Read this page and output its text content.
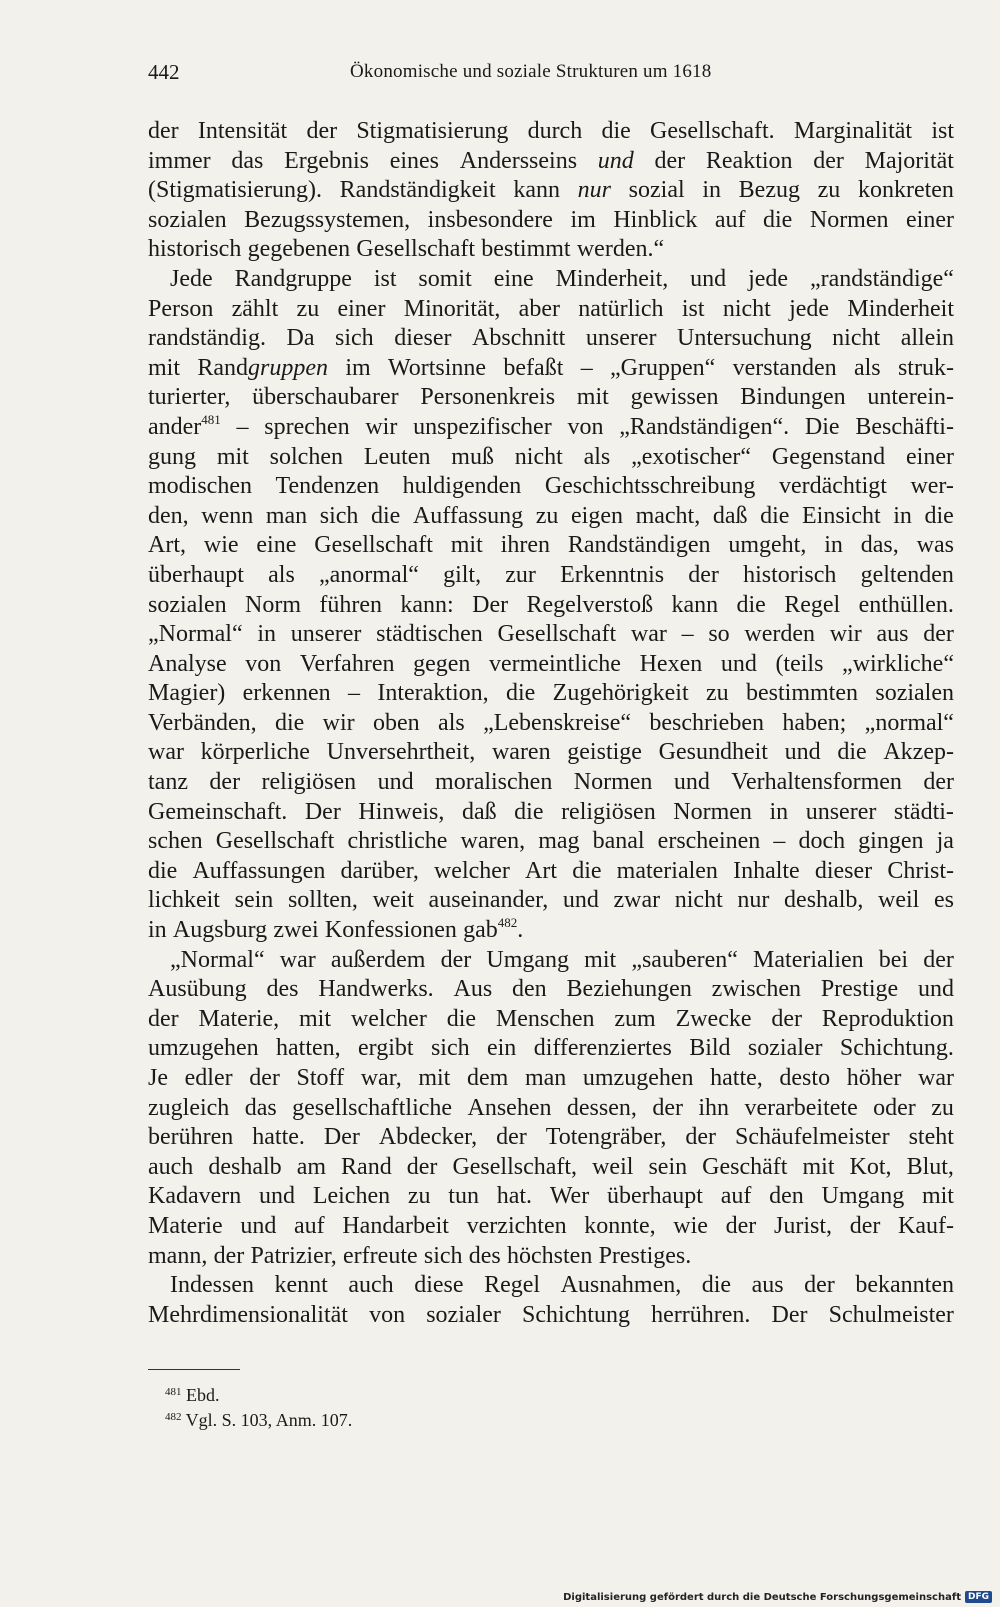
442	Ökonomische und soziale Strukturen um 1618
der Intensität der Stigmatisierung durch die Gesellschaft. Marginalität ist
immer das Ergebnis eines Andersseins und der Reaktion der Majorität
(Stigmatisierung). Randständigkeit kann nur sozial in Bezug zu konkreten
sozialen Bezugssystemen, insbesondere im Hinblick auf die Normen einer
historisch gegebenen Gesellschaft bestimmt werden.“
Jede Randgruppe ist somit eine Minderheit, und jede „randständige“
Person zählt zu einer Minorität, aber natürlich ist nicht jede Minderheit
randständig. Da sich dieser Abschnitt unserer Untersuchung nicht allein
mit Randgruppen im Wortsinne befaßt – „Gruppen“ verstanden als struk-
turierter, überschaubarer Personenkreis mit gewissen Bindungen unterein-
ander$^{481}$ – sprechen wir unspezifischer von „Randständigen“. Die Beschäfti-
gung mit solchen Leuten muß nicht als „exotischer“ Gegenstand einer
modischen Tendenzen huldigenden Geschichtsschreibung verdächtigt wer-
den, wenn man sich die Auffassung zu eigen macht, daß die Einsicht in die
Art, wie eine Gesellschaft mit ihren Randständigen umgeht, in das, was
überhaupt als „anormal“ gilt, zur Erkenntnis der historisch geltenden
sozialen Norm führen kann: Der Regelverstoß kann die Regel enthüllen.
„Normal“ in unserer städtischen Gesellschaft war – so werden wir aus der
Analyse von Verfahren gegen vermeintliche Hexen und (teils „wirkliche“
Magier) erkennen – Interaktion, die Zugehörigkeit zu bestimmten sozialen
Verbänden, die wir oben als „Lebenskreise“ beschrieben haben; „normal“
war körperliche Unversehrtheit, waren geistige Gesundheit und die Akzep-
tanz der religiösen und moralischen Normen und Verhaltensformen der
Gemeinschaft. Der Hinweis, daß die religiösen Normen in unserer städti-
schen Gesellschaft christliche waren, mag banal erscheinen – doch gingen ja
die Auffassungen darüber, welcher Art die materialen Inhalte dieser Christ-
lichkeit sein sollten, weit auseinander, und zwar nicht nur deshalb, weil es
in Augsburg zwei Konfessionen gab$^{482}$.
„Normal“ war außerdem der Umgang mit „sauberen“ Materialien bei der
Ausübung des Handwerks. Aus den Beziehungen zwischen Prestige und
der Materie, mit welcher die Menschen zum Zwecke der Reproduktion
umzugehen hatten, ergibt sich ein differenziertes Bild sozialer Schichtung.
Je edler der Stoff war, mit dem man umzugehen hatte, desto höher war
zugleich das gesellschaftliche Ansehen dessen, der ihn verarbeitete oder zu
berühren hatte. Der Abdecker, der Totengräber, der Schäufelmeister steht
auch deshalb am Rand der Gesellschaft, weil sein Geschäft mit Kot, Blut,
Kadavern und Leichen zu tun hat. Wer überhaupt auf den Umgang mit
Materie und auf Handarbeit verzichten konnte, wie der Jurist, der Kauf-
mann, der Patrizier, erfreute sich des höchsten Prestiges.
Indessen kennt auch diese Regel Ausnahmen, die aus der bekannten
Mehrdimensionalität von sozialer Schichtung herrühren. Der Schulmeister
$^{481}$ Ebd.
$^{482}$ Vgl. S. 103, Anm. 107.
Digitalisierung gefördert durch die Deutsche Forschungsgemeinschaft DFG
